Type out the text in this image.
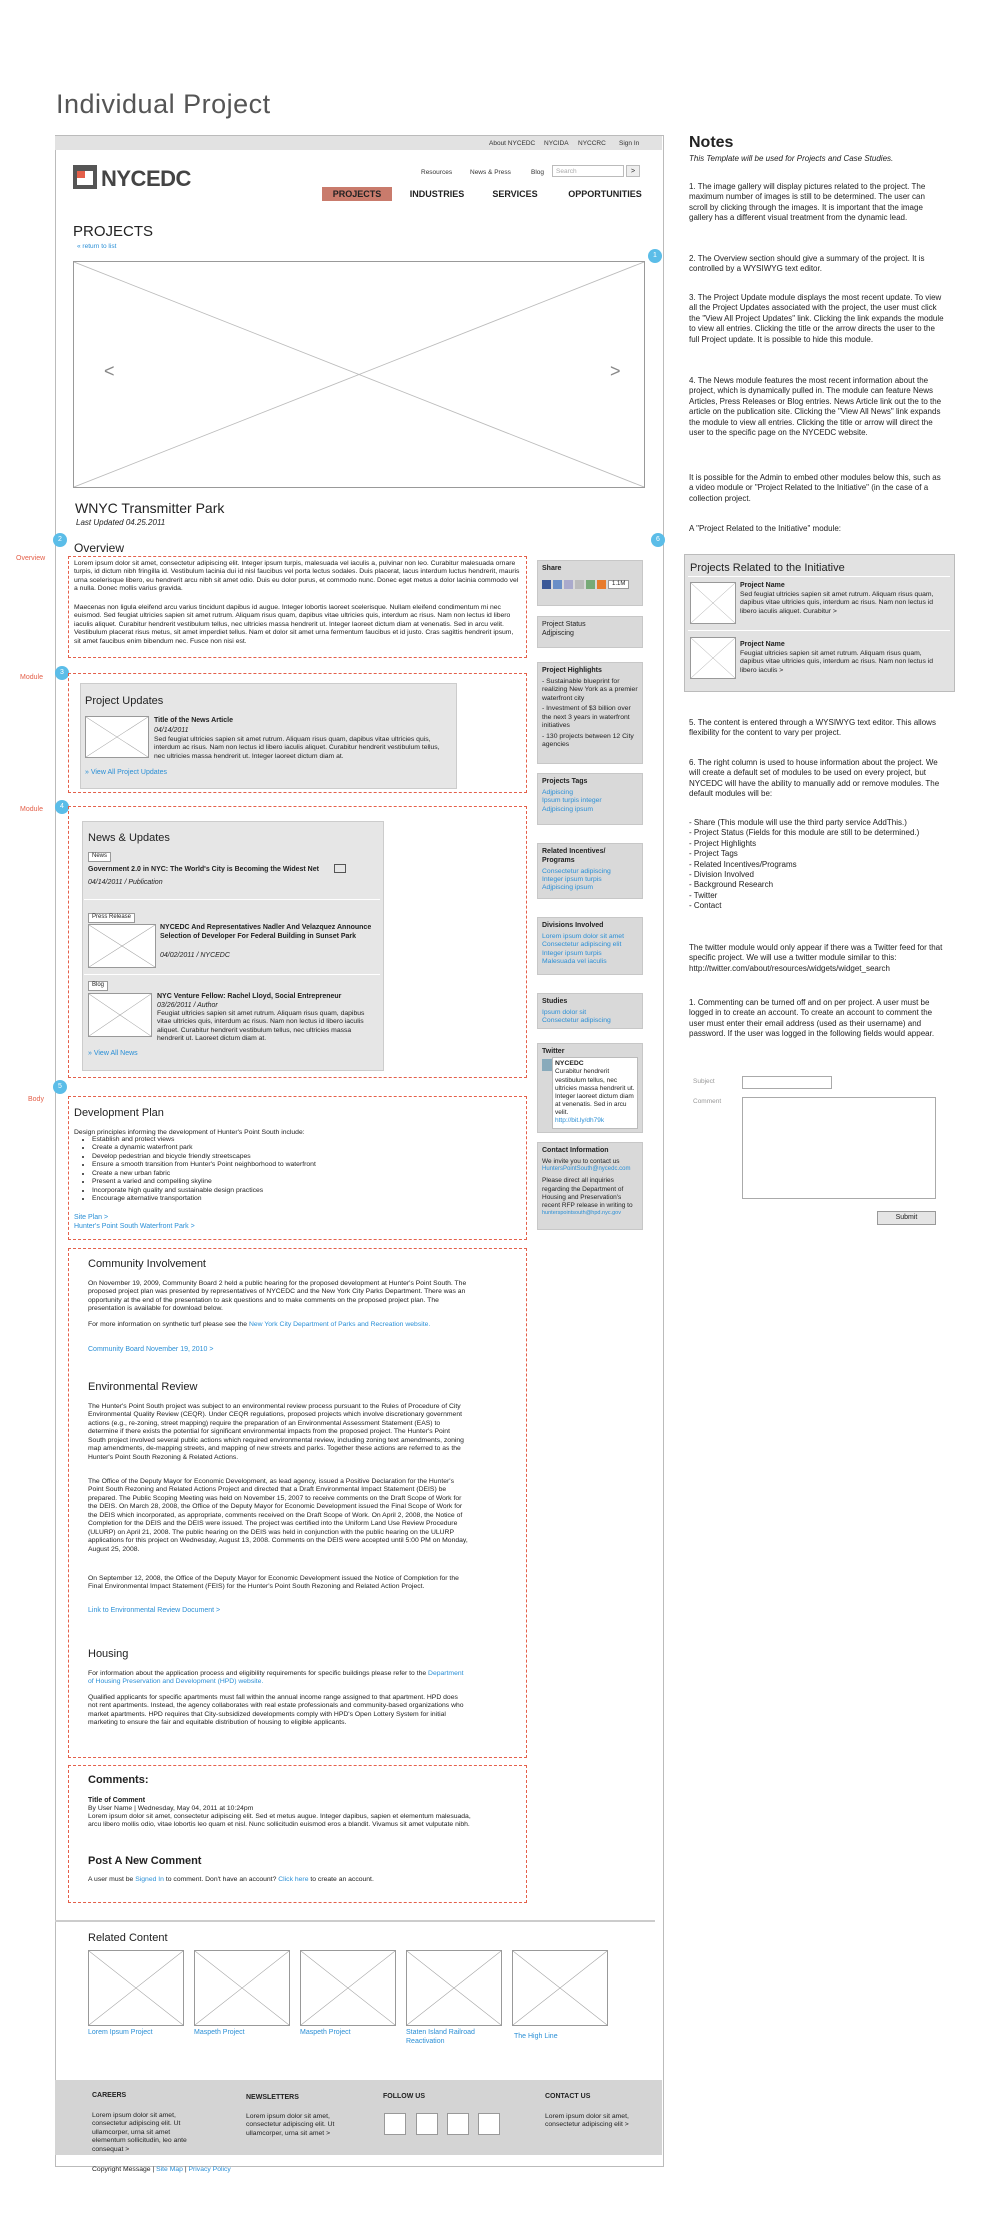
Individual Project
About NYCEDC NYCIDA NYCCRC Sign In
NYCEDC	Resources	News & Press	Blog	Search	>
PROJECTS	INDUSTRIES	SERVICES	OPPORTUNITIES
PROJECTS
« return to list
<	>
1
WNYC Transmitter Park
Last Updated 04.25.2011
Overview
Module
Module
Body
2
Overview
Lorem ipsum dolor sit amet, consectetur adipiscing elit. Integer ipsum turpis, malesuada vel iaculis a, pulvinar non leo. Curabitur malesuada ornare turpis, id dictum nibh fringilla id. Vestibulum lacinia dui id nisl faucibus vel porta lectus sodales. Duis placerat, lacus interdum luctus hendrerit, mauris urna scelerisque libero, eu hendrerit arcu nibh sit amet odio. Duis eu dolor purus, et commodo nunc. Donec eget metus a dolor lacinia commodo vel a nulla. Donec mollis varius gravida.
Maecenas non ligula eleifend arcu varius tincidunt dapibus id augue. Integer lobortis laoreet scelerisque. Nullam eleifend condimentum mi nec euismod. Sed feugiat ultricies sapien sit amet rutrum. Aliquam risus quam, dapibus vitae ultricies quis, interdum ac risus. Nam non lectus id libero iaculis aliquet. Curabitur hendrerit vestibulum tellus, nec ultricies massa hendrerit ut. Integer laoreet dictum diam at venenatis. Sed in arcu velit. Vestibulum placerat risus metus, sit amet imperdiet tellus. Nam et dolor sit amet urna fermentum faucibus et id justo. Cras sagittis hendrerit ipsum, sit amet faucibus enim bibendum nec. Fusce non nisi est.
6
Share
1.1M
Project Status
Adjpiscing
Project Highlights
- Sustainable blueprint for realizing New York as a premier waterfront city
- Investment of $3 billion over the next 3 years in waterfront initiatives
- 130 projects between 12 City agencies
Projects Tags
Adjpiscing
Ipsum turpis integer
Adjpiscing ipsum
Related Incentives/ Programs
Consectetur adipiscing
Integer ipsum turpis
Adjpiscing ipsum
Divisions Involved
Lorem ipsum dolor sit amet
Consectetur adipiscing elit
Integer ipsum turpis
Malesuada vel iaculis
Studies
Ipsum dolor sit
Consectetur adipiscing
Twitter
NYCEDC
Curabitur hendrerit vestibulum tellus, nec ultricies massa hendrerit ut. Integer laoreet dictum diam at venenatis. Sed in arcu velit.
http://bit.ly/dh79k
Contact Information
We invite you to contact us
HuntersPointSouth@nycedc.com
Please direct all inquiries regarding the Department of Housing and Preservation's recent RFP release in writing to
hunterspointsouth@hpd.nyc.gov
3
Project Updates
Title of the News Article
04/14/2011
Sed feugiat ultricies sapien sit amet rutrum. Aliquam risus quam, dapibus vitae ultricies quis, interdum ac risus. Nam non lectus id libero iaculis aliquet. Curabitur hendrerit vestibulum tellus, nec ultricies massa hendrerit ut. Integer laoreet dictum diam at.
» View All Project Updates
4
News & Updates
News
Government 2.0 in NYC: The World's City is Becoming the Widest Net
04/14/2011 / Publication
Press Release
NYCEDC And Representatives Nadler And Velazquez Announce Selection of Developer For Federal Building in Sunset Park
04/02/2011 / NYCEDC
Blog
NYC Venture Fellow: Rachel Lloyd, Social Entrepreneur
03/26/2011 / Author
Feugiat ultricies sapien sit amet rutrum. Aliquam risus quam, dapibus vitae ultricies quis, interdum ac risus. Nam non lectus id libero iaculis aliquet. Curabitur hendrerit vestibulum tellus, nec ultricies massa hendrerit ut. Laoreet dictum diam at.
» View All News
5
Development Plan
Design principles informing the development of Hunter's Point South include:
• Establish and protect views
• Create a dynamic waterfront park
• Develop pedestrian and bicycle friendly streetscapes
• Ensure a smooth transition from Hunter's Point neighborhood to waterfront
• Create a new urban fabric
• Present a varied and compelling skyline
• Incorporate high quality and sustainable design practices
• Encourage alternative transportation
Site Plan >
Hunter's Point South Waterfront Park >
Community Involvement
On November 19, 2009, Community Board 2 held a public hearing for the proposed development at Hunter's Point South. The proposed project plan was presented by representatives of NYCEDC and the New York City Parks Department. There was an opportunity at the end of the presentation to ask questions and to make comments on the proposed project plan. The presentation is available for download below.
For more information on synthetic turf please see the New York City Department of Parks and Recreation website.
Community Board November 19, 2010 >
Environmental Review
The Hunter's Point South project was subject to an environmental review process pursuant to the Rules of Procedure of City Environmental Quality Review (CEQR). Under CEQR regulations, proposed projects which involve discretionary government actions (e.g., re-zoning, street mapping) require the preparation of an Environmental Assessment Statement (EAS) to determine if there exists the potential for significant environmental impacts from the proposed project. The Hunter's Point South project involved several public actions which required environmental review, including zoning text amendments, zoning map amendments, de-mapping streets, and mapping of new streets and parks. Together these actions are referred to as the Hunter's Point South Rezoning & Related Actions.
The Office of the Deputy Mayor for Economic Development, as lead agency, issued a Positive Declaration for the Hunter's Point South Rezoning and Related Actions Project and directed that a Draft Environmental Impact Statement (DEIS) be prepared. The Public Scoping Meeting was held on November 15, 2007 to receive comments on the Draft Scope of Work for the DEIS. On March 28, 2008, the Office of the Deputy Mayor for Economic Development issued the Final Scope of Work for the DEIS which incorporated, as appropriate, comments received on the Draft Scope of Work. On April 2, 2008, the Notice of Completion for the DEIS and the DEIS were issued. The project was certified into the Uniform Land Use Review Procedure (ULURP) on April 21, 2008. The public hearing on the DEIS was held in conjunction with the public hearing on the ULURP applications for this project on Wednesday, August 13, 2008. Comments on the DEIS were accepted until 5:00 PM on Monday, August 25, 2008.
On September 12, 2008, the Office of the Deputy Mayor for Economic Development issued the Notice of Completion for the Final Environmental Impact Statement (FEIS) for the Hunter's Point South Rezoning and Related Action Project.
Link to Environmental Review Document >
Housing
For information about the application process and eligibility requirements for specific buildings please refer to the Department of Housing Preservation and Development (HPD) website.
Qualified applicants for specific apartments must fall within the annual income range assigned to that apartment. HPD does not rent apartments. Instead, the agency collaborates with real estate professionals and community-based organizations who market apartments. HPD requires that City-subsidized developments comply with HPD's Open Lottery System for initial marketing to ensure the fair and equitable distribution of housing to eligible applicants.
Comments:
Title of Comment
By User Name | Wednesday, May 04, 2011 at 10:24pm
Lorem ipsum dolor sit amet, consectetur adipiscing elit. Sed et metus augue. Integer dapibus, sapien et elementum malesuada, arcu libero mollis odio, vitae lobortis leo quam et nisl. Nunc sollicitudin euismod eros a blandit. Vivamus sit amet vulputate nibh.
Post A New Comment
A user must be Signed In to comment. Don't have an account? Click here to create an account.
Related Content
Lorem Ipsum Project	Maspeth Project	Maspeth Project	Staten Island Railroad Reactivation
The High Line
CAREERS
Lorem ipsum dolor sit amet, consectetur adipiscing elit. Ut ullamcorper, urna sit amet elementum sollicitudin, leo ante consequat >
NEWSLETTERS
Lorem ipsum dolor sit amet, consectetur adipiscing elit. Ut ullamcorper, urna sit amet >
FOLLOW US	CONTACT US
Lorem ipsum dolor sit amet, consectetur adipiscing elit >
Copyright Message | Site Map | Privacy Policy
Notes
This Template will be used for Projects and Case Studies.
1. The image gallery will display pictures related to the project. The maximum number of images is still to be determined. The user can scroll by clicking through the images. It is important that the image gallery has a different visual treatment from the dynamic lead.
2. The Overview section should give a summary of the project. It is controlled by a WYSIWYG text editor.
3. The Project Update module displays the most recent update. To view all the Project Updates associated with the project, the user must click the "View All Project Updates" link. Clicking the link expands the module to view all entries. Clicking the title or the arrow directs the user to the full Project update. It is possible to hide this module.
4. The News module features the most recent information about the project, which is dynamically pulled in. The module can feature News Articles, Press Releases or Blog entries. News Article link out the to the article on the publication site. Clicking the "View All News" link expands the module to view all entries. Clicking the title or arrow will direct the user to the specific page on the NYCEDC website.
It is possible for the Admin to embed other modules below this, such as a video module or "Project Related to the Initiative" (in the case of a collection project.
A "Project Related to the Initiative" module:
Projects Related to the Initiative
Project Name
Sed feugiat ultricies sapien sit amet rutrum. Aliquam risus quam, dapibus vitae ultricies quis, interdum ac risus. Nam non lectus id libero iaculis aliquet. Curabitur >
Project Name
Feugiat ultricies sapien sit amet rutrum. Aliquam risus quam, dapibus vitae ultricies quis, interdum ac risus. Nam non lectus id libero iaculis >
5. The content is entered through a WYSIWYG text editor. This allows flexibility for the content to vary per project.
6. The right column is used to house information about the project. We will create a default set of modules to be used on every project, but NYCEDC will have the ability to manually add or remove modules. The default modules will be:
- Share (This module will use the third party service AddThis.)
- Project Status (Fields for this module are still to be determined.)
- Project Highlights
- Project Tags
- Related Incentives/Programs
- Division Involved
- Background Research
- Twitter
- Contact
The twitter module would only appear if there was a Twitter feed for that specific project. We will use a twitter module similar to this: http://twitter.com/about/resources/widgets/widget_search
1. Commenting can be turned off and on per project. A user must be logged in to create an account. To create an account to comment the user must enter their email address (used as their username) and password. If the user was logged in the following fields would appear.
Subject
Comment
Submit
